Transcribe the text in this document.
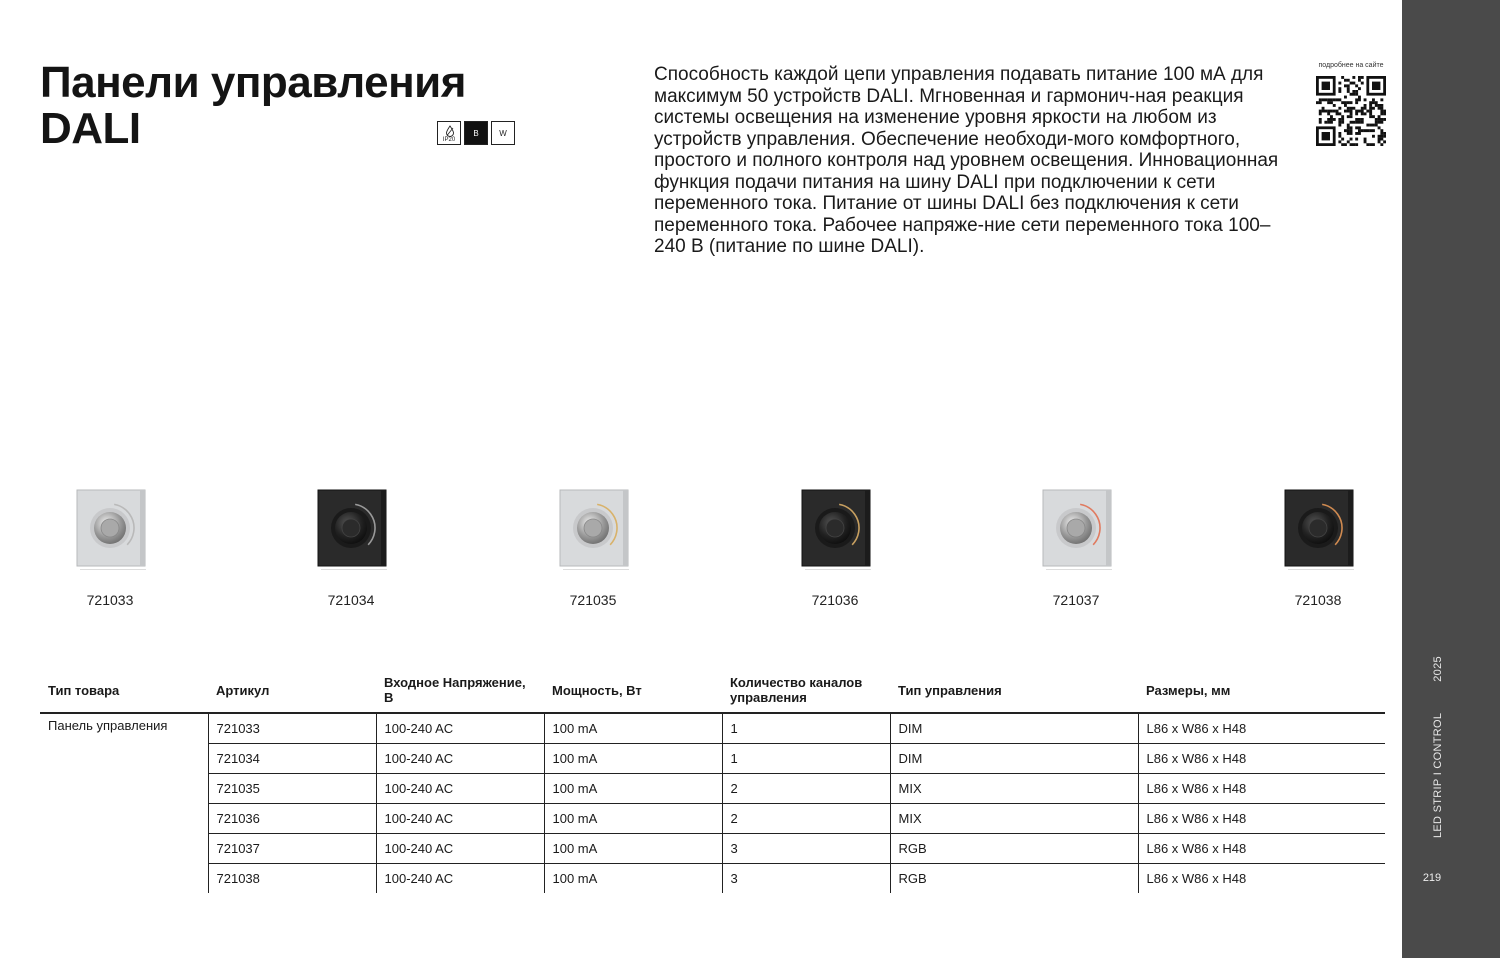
Панели управления
DALI	IP20
B	W

Способность каждой цепи управления подавать питание 100 мА для максимум 50 устройств DALI. Мгновенная и гармонич-ная реакция системы освещения на изменение уровня яркости на любом из устройств управления. Обеспечение необходи-мого комфортного, простого и полного контроля над уровнем освещения. Инновационная функция подачи питания на шину DALI при подключении к сети переменного тока. Питание от шины DALI без подключения к сети переменного тока. Рабочее напряже-ние сети переменного тока 100–240 В (питание по шине DALI).

подробнее на сайте
LED STRIP I CONTROL 2025
219
721033	721034	721035	721036	721037	721038
Тип товара	Артикул	Входное Напряжение, В	Мощность, Вт	Количество каналов управления	Тип управления	Размеры, мм
Панель управления	721033	100-240 AC	100 mA	1	DIM	L86 x W86 x H48
	721034	100-240 AC	100 mA	1	DIM	L86 x W86 x H48
	721035	100-240 AC	100 mA	2	MIX	L86 x W86 x H48
	721036	100-240 AC	100 mA	2	MIX	L86 x W86 x H48
	721037	100-240 AC	100 mA	3	RGB	L86 x W86 x H48
	721038	100-240 AC	100 mA	3	RGB	L86 x W86 x H48
